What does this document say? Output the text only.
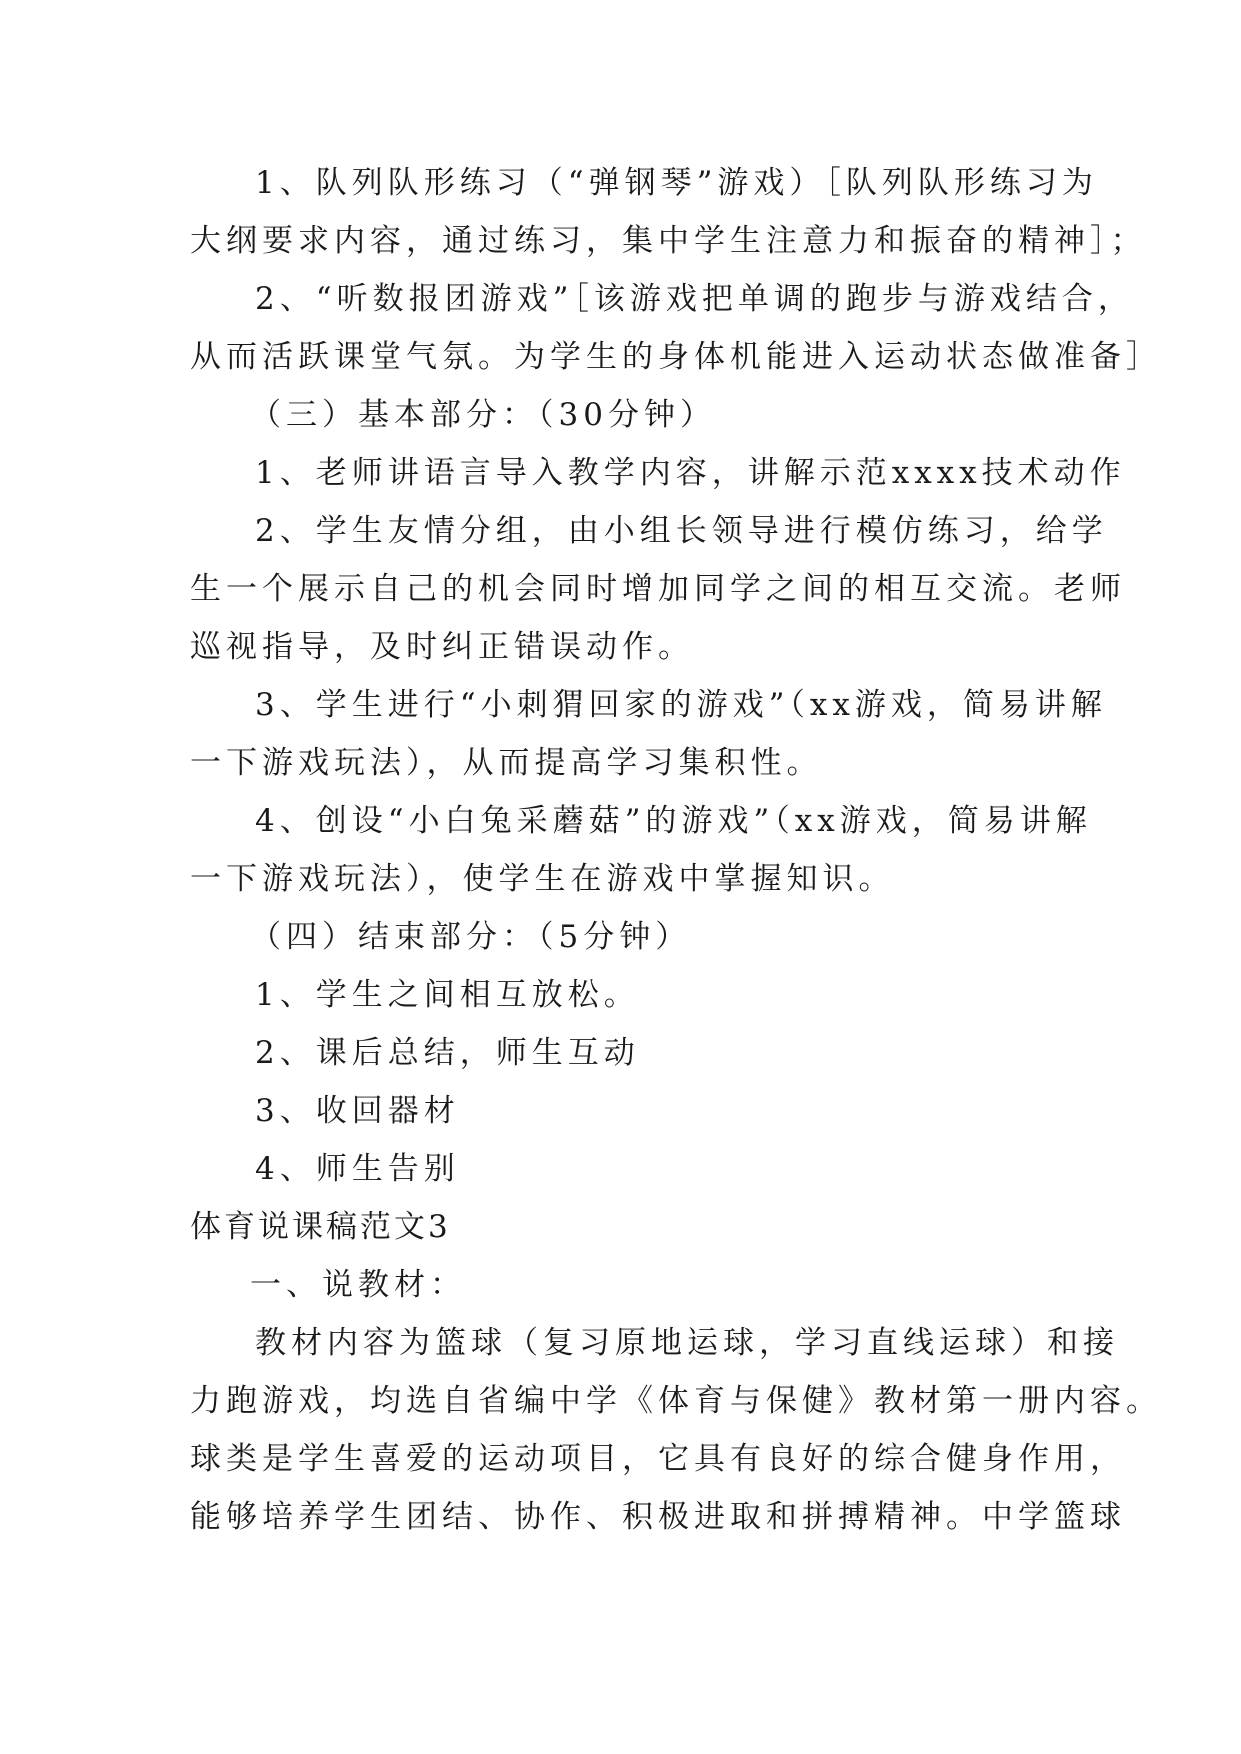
1、队列队形练习（“弹钢琴”游戏）［队列队形练习为
大纲要求内容，通过练习，集中学生注意力和振奋的精神］；
2、“听数报团游戏”［该游戏把单调的跑步与游戏结合，
从而活跃课堂气氛。为学生的身体机能进入运动状态做准备］
（三）基本部分：（30分钟）
1、老师讲语言导入教学内容，讲解示范xxxx技术动作
2、学生友情分组，由小组长领导进行模仿练习，给学
生一个展示自己的机会同时增加同学之间的相互交流。老师
巡视指导，及时纠正错误动作。
3、学生进行“小刺猬回家的游戏”（xx游戏，简易讲解
一下游戏玩法），从而提高学习集积性。
4、创设“小白兔采蘑菇”的游戏”（xx游戏，简易讲解
一下游戏玩法），使学生在游戏中掌握知识。
（四）结束部分：（5分钟）
1、学生之间相互放松。
2、课后总结，师生互动
3、收回器材
4、师生告别
体育说课稿范文3
一、说教材：
教材内容为篮球（复习原地运球，学习直线运球）和接
力跑游戏，均选自省编中学《体育与保健》教材第一册内容。
球类是学生喜爱的运动项目，它具有良好的综合健身作用，
能够培养学生团结、协作、积极进取和拼搏精神。中学篮球
